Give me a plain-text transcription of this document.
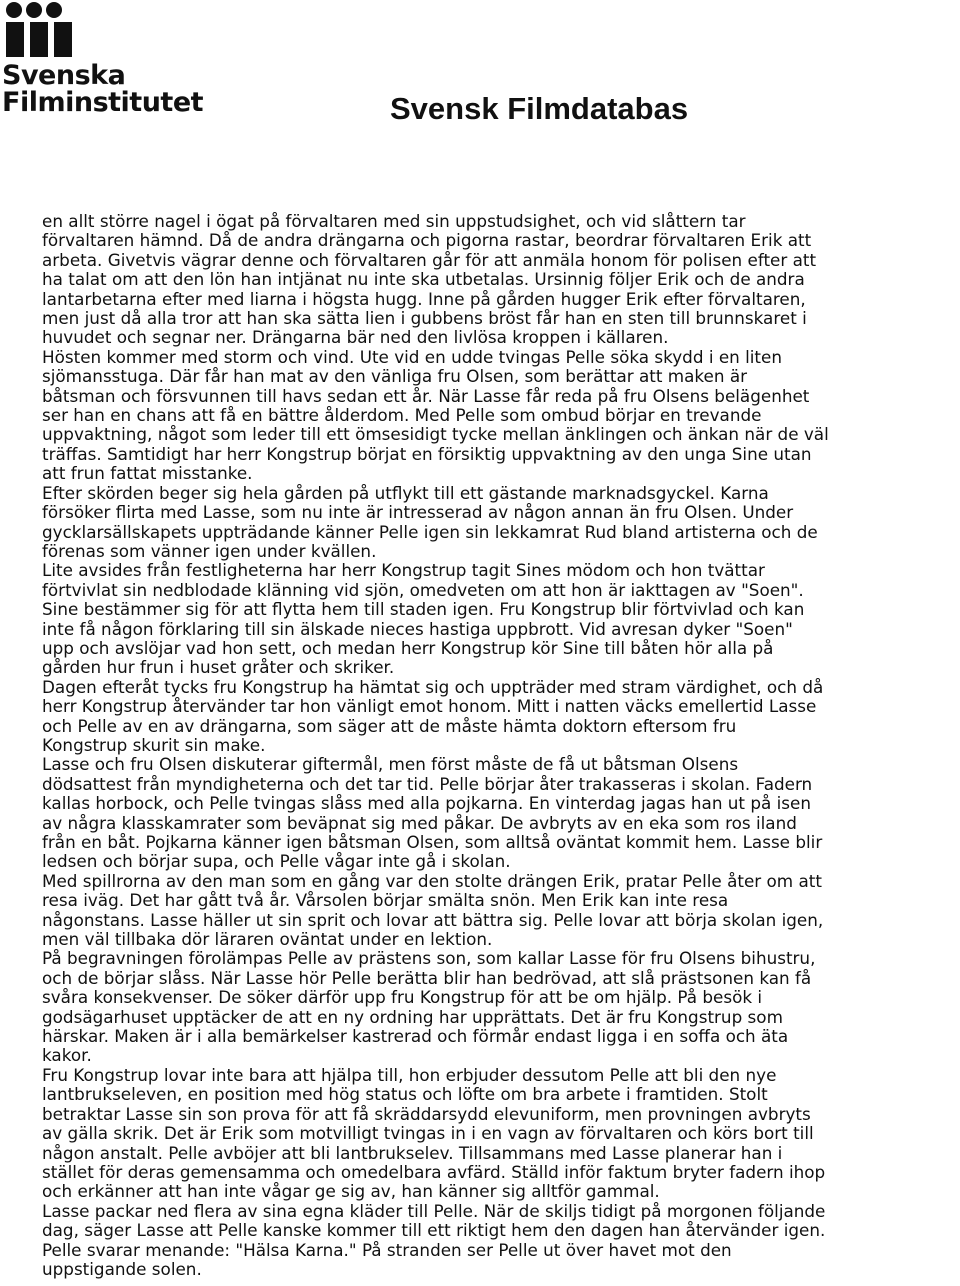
Svenska
Filminstitutet	Svensk Filmdatabas

en allt större nagel i ögat på förvaltaren med sin uppstudsighet, och vid slåttern tar

förvaltaren hämnd. Då de andra drängarna och pigorna rastar, beordrar förvaltaren Erik att

arbeta. Givetvis vägrar denne och förvaltaren går för att anmäla honom för polisen efter att

ha talat om att den lön han intjänat nu inte ska utbetalas. Ursinnig följer Erik och de andra

lantarbetarna efter med liarna i högsta hugg. Inne på gården hugger Erik efter förvaltaren,

men just då alla tror att han ska sätta lien i gubbens bröst får han en sten till brunnskaret i

huvudet och segnar ner. Drängarna bär ned den livlösa kroppen i källaren.

Hösten kommer med storm och vind. Ute vid en udde tvingas Pelle söka skydd i en liten

sjömansstuga. Där får han mat av den vänliga fru Olsen, som berättar att maken är

båtsman och försvunnen till havs sedan ett år. När Lasse får reda på fru Olsens belägenhet

ser han en chans att få en bättre ålderdom. Med Pelle som ombud börjar en trevande

uppvaktning, något som leder till ett ömsesidigt tycke mellan änklingen och änkan när de väl

träffas. Samtidigt har herr Kongstrup börjat en försiktig uppvaktning av den unga Sine utan

att frun fattat misstanke.

Efter skörden beger sig hela gården på utflykt till ett gästande marknadsgyckel. Karna

försöker flirta med Lasse, som nu inte är intresserad av någon annan än fru Olsen. Under

gycklarsällskapets uppträdande känner Pelle igen sin lekkamrat Rud bland artisterna och de

förenas som vänner igen under kvällen.

Lite avsides från festligheterna har herr Kongstrup tagit Sines mödom och hon tvättar

förtvivlat sin nedblodade klänning vid sjön, omedveten om att hon är iakttagen av "Soen".

Sine bestämmer sig för att flytta hem till staden igen. Fru Kongstrup blir förtvivlad och kan

inte få någon förklaring till sin älskade nieces hastiga uppbrott. Vid avresan dyker "Soen"

upp och avslöjar vad hon sett, och medan herr Kongstrup kör Sine till båten hör alla på

gården hur frun i huset gråter och skriker.

Dagen efteråt tycks fru Kongstrup ha hämtat sig och uppträder med stram värdighet, och då

herr Kongstrup återvänder tar hon vänligt emot honom. Mitt i natten väcks emellertid Lasse

och Pelle av en av drängarna, som säger att de måste hämta doktorn eftersom fru

Kongstrup skurit sin make.

Lasse och fru Olsen diskuterar giftermål, men först måste de få ut båtsman Olsens

dödsattest från myndigheterna och det tar tid. Pelle börjar åter trakasseras i skolan. Fadern

kallas horbock, och Pelle tvingas slåss med alla pojkarna. En vinterdag jagas han ut på isen

av några klasskamrater som beväpnat sig med påkar. De avbryts av en eka som ros iland

från en båt. Pojkarna känner igen båtsman Olsen, som alltså oväntat kommit hem. Lasse blir

ledsen och börjar supa, och Pelle vågar inte gå i skolan.

Med spillrorna av den man som en gång var den stolte drängen Erik, pratar Pelle åter om att

resa iväg. Det har gått två år. Vårsolen börjar smälta snön. Men Erik kan inte resa

någonstans. Lasse häller ut sin sprit och lovar att bättra sig. Pelle lovar att börja skolan igen,

men väl tillbaka dör läraren oväntat under en lektion.

På begravningen förolämpas Pelle av prästens son, som kallar Lasse för fru Olsens bihustru,

och de börjar slåss. När Lasse hör Pelle berätta blir han bedrövad, att slå prästsonen kan få

svåra konsekvenser. De söker därför upp fru Kongstrup för att be om hjälp. På besök i

godsägarhuset upptäcker de att en ny ordning har upprättats. Det är fru Kongstrup som

härskar. Maken är i alla bemärkelser kastrerad och förmår endast ligga i en soffa och äta

kakor.

Fru Kongstrup lovar inte bara att hjälpa till, hon erbjuder dessutom Pelle att bli den nye

lantbrukseleven, en position med hög status och löfte om bra arbete i framtiden. Stolt

betraktar Lasse sin son prova för att få skräddarsydd elevuniform, men provningen avbryts

av gälla skrik. Det är Erik som motvilligt tvingas in i en vagn av förvaltaren och körs bort till

någon anstalt. Pelle avböjer att bli lantbrukselev. Tillsammans med Lasse planerar han i

stället för deras gemensamma och omedelbara avfärd. Ställd inför faktum bryter fadern ihop

och erkänner att han inte vågar ge sig av, han känner sig alltför gammal.

Lasse packar ned flera av sina egna kläder till Pelle. När de skiljs tidigt på morgonen följande

dag, säger Lasse att Pelle kanske kommer till ett riktigt hem den dagen han återvänder igen.

Pelle svarar menande: "Hälsa Karna." På stranden ser Pelle ut över havet mot den

uppstigande solen.
